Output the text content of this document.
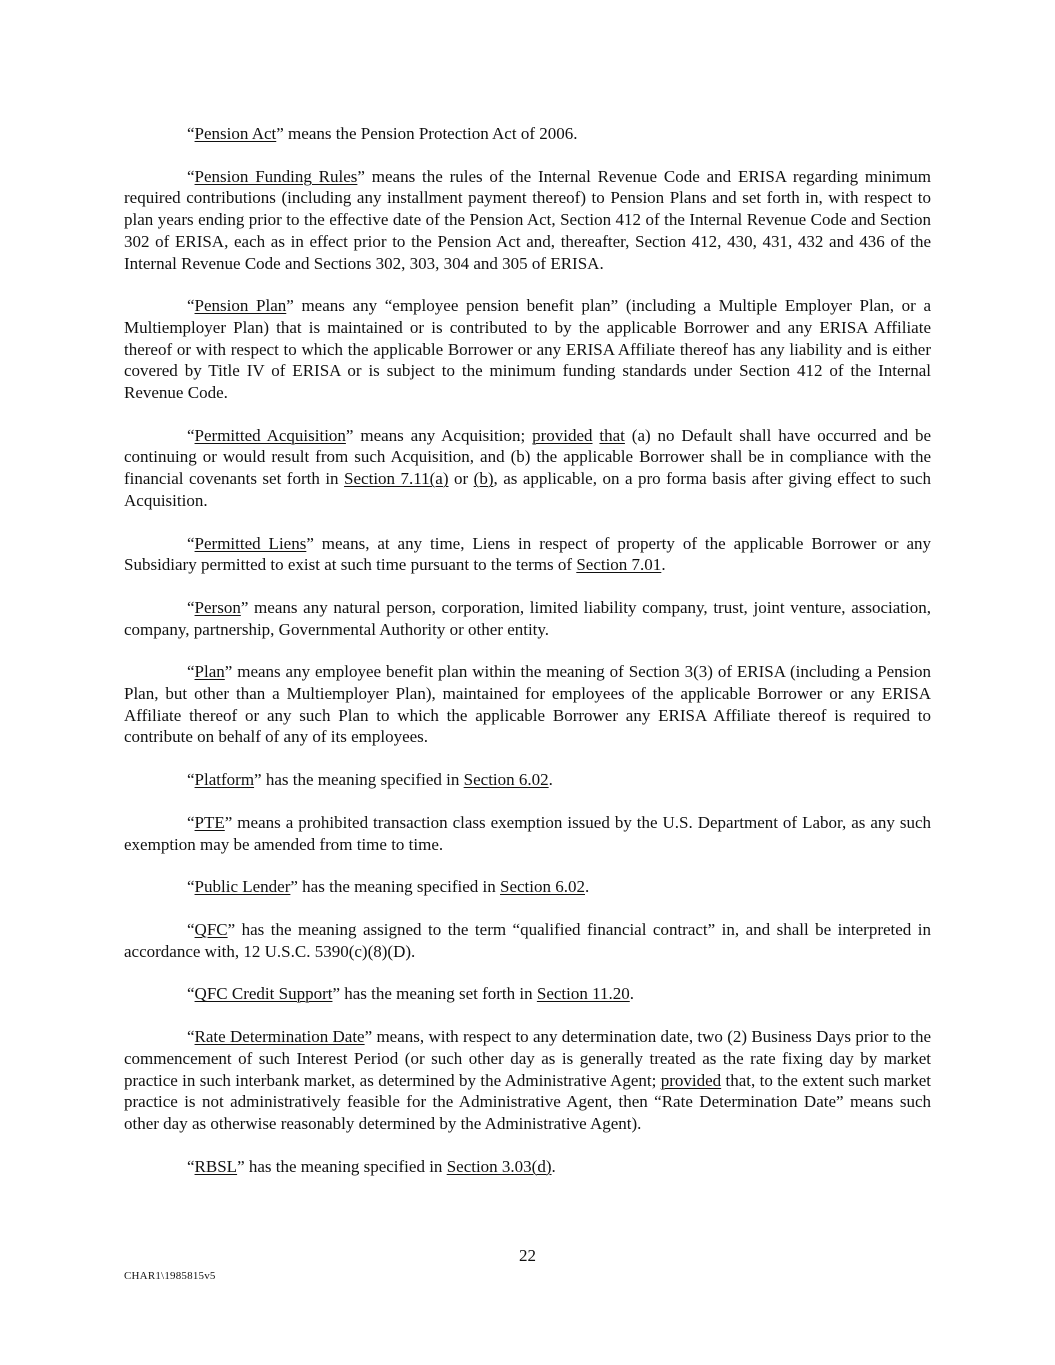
“Pension Act” means the Pension Protection Act of 2006.

“Pension Funding Rules” means the rules of the Internal Revenue Code and ERISA regarding minimum required contributions (including any installment payment thereof) to Pension Plans and set forth in, with respect to plan years ending prior to the effective date of the Pension Act, Section 412 of the Internal Revenue Code and Section 302 of ERISA, each as in effect prior to the Pension Act and, thereafter, Section 412, 430, 431, 432 and 436 of the Internal Revenue Code and Sections 302, 303, 304 and 305 of ERISA.

“Pension Plan” means any “employee pension benefit plan” (including a Multiple Employer Plan, or a Multiemployer Plan) that is maintained or is contributed to by the applicable Borrower and any ERISA Affiliate thereof or with respect to which the applicable Borrower or any ERISA Affiliate thereof has any liability and is either covered by Title IV of ERISA or is subject to the minimum funding standards under Section 412 of the Internal Revenue Code.

“Permitted Acquisition” means any Acquisition; provided that (a) no Default shall have occurred and be continuing or would result from such Acquisition, and (b) the applicable Borrower shall be in compliance with the financial covenants set forth in Section 7.11(a) or (b), as applicable, on a pro forma basis after giving effect to such Acquisition.

“Permitted Liens” means, at any time, Liens in respect of property of the applicable Borrower or any Subsidiary permitted to exist at such time pursuant to the terms of Section 7.01.

“Person” means any natural person, corporation, limited liability company, trust, joint venture, association, company, partnership, Governmental Authority or other entity.

“Plan” means any employee benefit plan within the meaning of Section 3(3) of ERISA (including a Pension Plan, but other than a Multiemployer Plan), maintained for employees of the applicable Borrower or any ERISA Affiliate thereof or any such Plan to which the applicable Borrower any ERISA Affiliate thereof is required to contribute on behalf of any of its employees.

“Platform” has the meaning specified in Section 6.02.

“PTE” means a prohibited transaction class exemption issued by the U.S. Department of Labor, as any such exemption may be amended from time to time.

“Public Lender” has the meaning specified in Section 6.02.

“QFC” has the meaning assigned to the term “qualified financial contract” in, and shall be interpreted in accordance with, 12 U.S.C. 5390(c)(8)(D).

“QFC Credit Support” has the meaning set forth in Section 11.20.

“Rate Determination Date” means, with respect to any determination date, two (2) Business Days prior to the commencement of such Interest Period (or such other day as is generally treated as the rate fixing day by market practice in such interbank market, as determined by the Administrative Agent; provided that, to the extent such market practice is not administratively feasible for the Administrative Agent, then “Rate Determination Date” means such other day as otherwise reasonably determined by the Administrative Agent).

“RBSL” has the meaning specified in Section 3.03(d).

22
CHAR1\1985815v5
